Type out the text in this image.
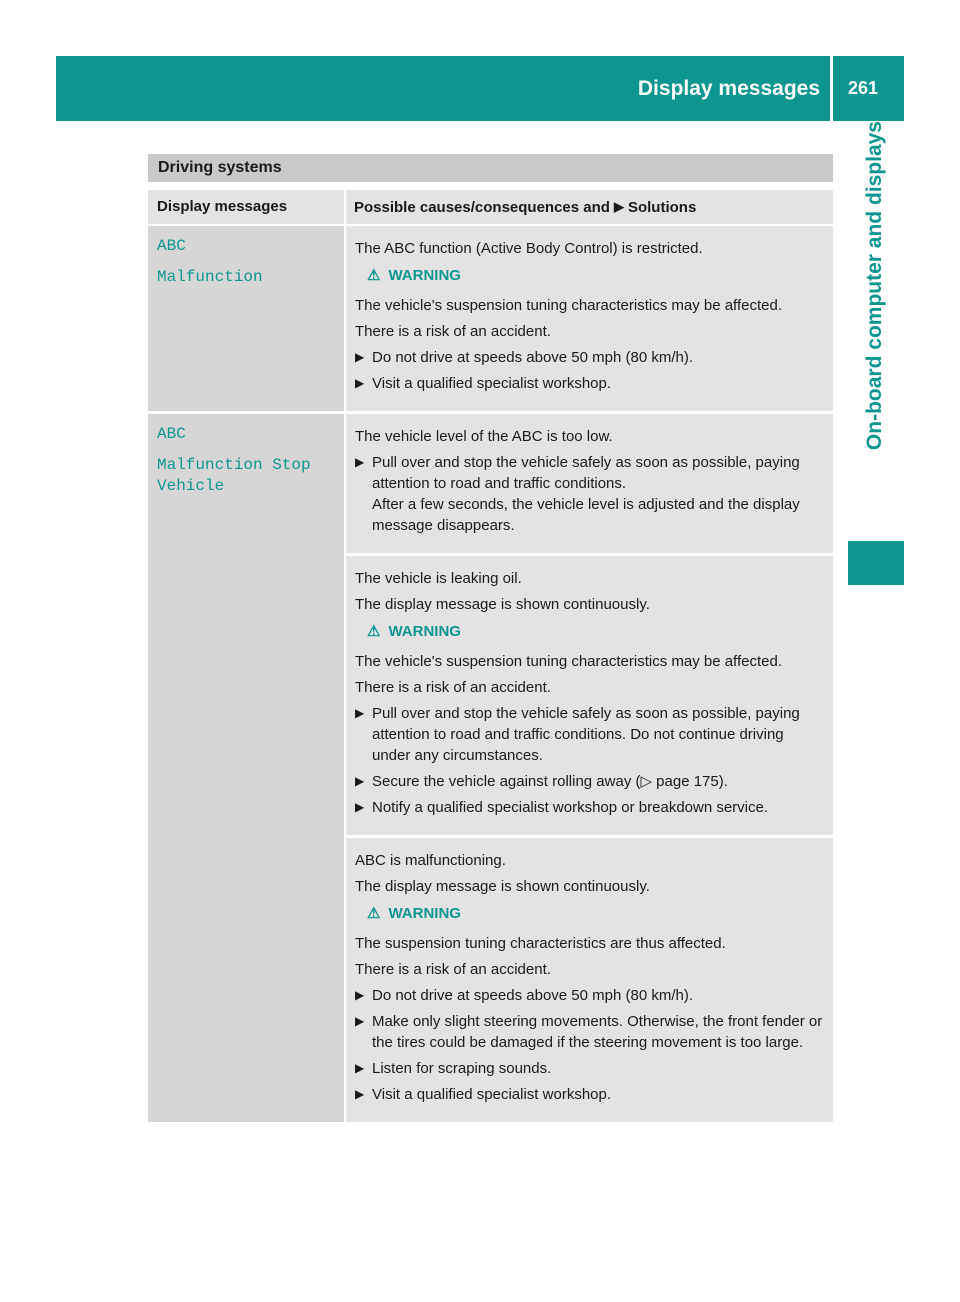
Display messages	261
On-board computer and displays
Driving systems
Display messages	Possible causes/consequences and ▶ Solutions
ABC
Malfunction
The ABC function (Active Body Control) is restricted.
⚠ WARNING
The vehicle's suspension tuning characteristics may be affected.
There is a risk of an accident.
▶ Do not drive at speeds above 50 mph (80 km/h).
▶ Visit a qualified specialist workshop.
ABC
Malfunction Stop
Vehicle
The vehicle level of the ABC is too low.
▶ Pull over and stop the vehicle safely as soon as possible, paying attention to road and traffic conditions.
After a few seconds, the vehicle level is adjusted and the display message disappears.
The vehicle is leaking oil.
The display message is shown continuously.
⚠ WARNING
The vehicle's suspension tuning characteristics may be affected.
There is a risk of an accident.
▶ Pull over and stop the vehicle safely as soon as possible, paying attention to road and traffic conditions. Do not continue driving under any circumstances.
▶ Secure the vehicle against rolling away (▷ page 175).
▶ Notify a qualified specialist workshop or breakdown service.
ABC is malfunctioning.
The display message is shown continuously.
⚠ WARNING
The suspension tuning characteristics are thus affected.
There is a risk of an accident.
▶ Do not drive at speeds above 50 mph (80 km/h).
▶ Make only slight steering movements. Otherwise, the front fender or the tires could be damaged if the steering movement is too large.
▶ Listen for scraping sounds.
▶ Visit a qualified specialist workshop.
